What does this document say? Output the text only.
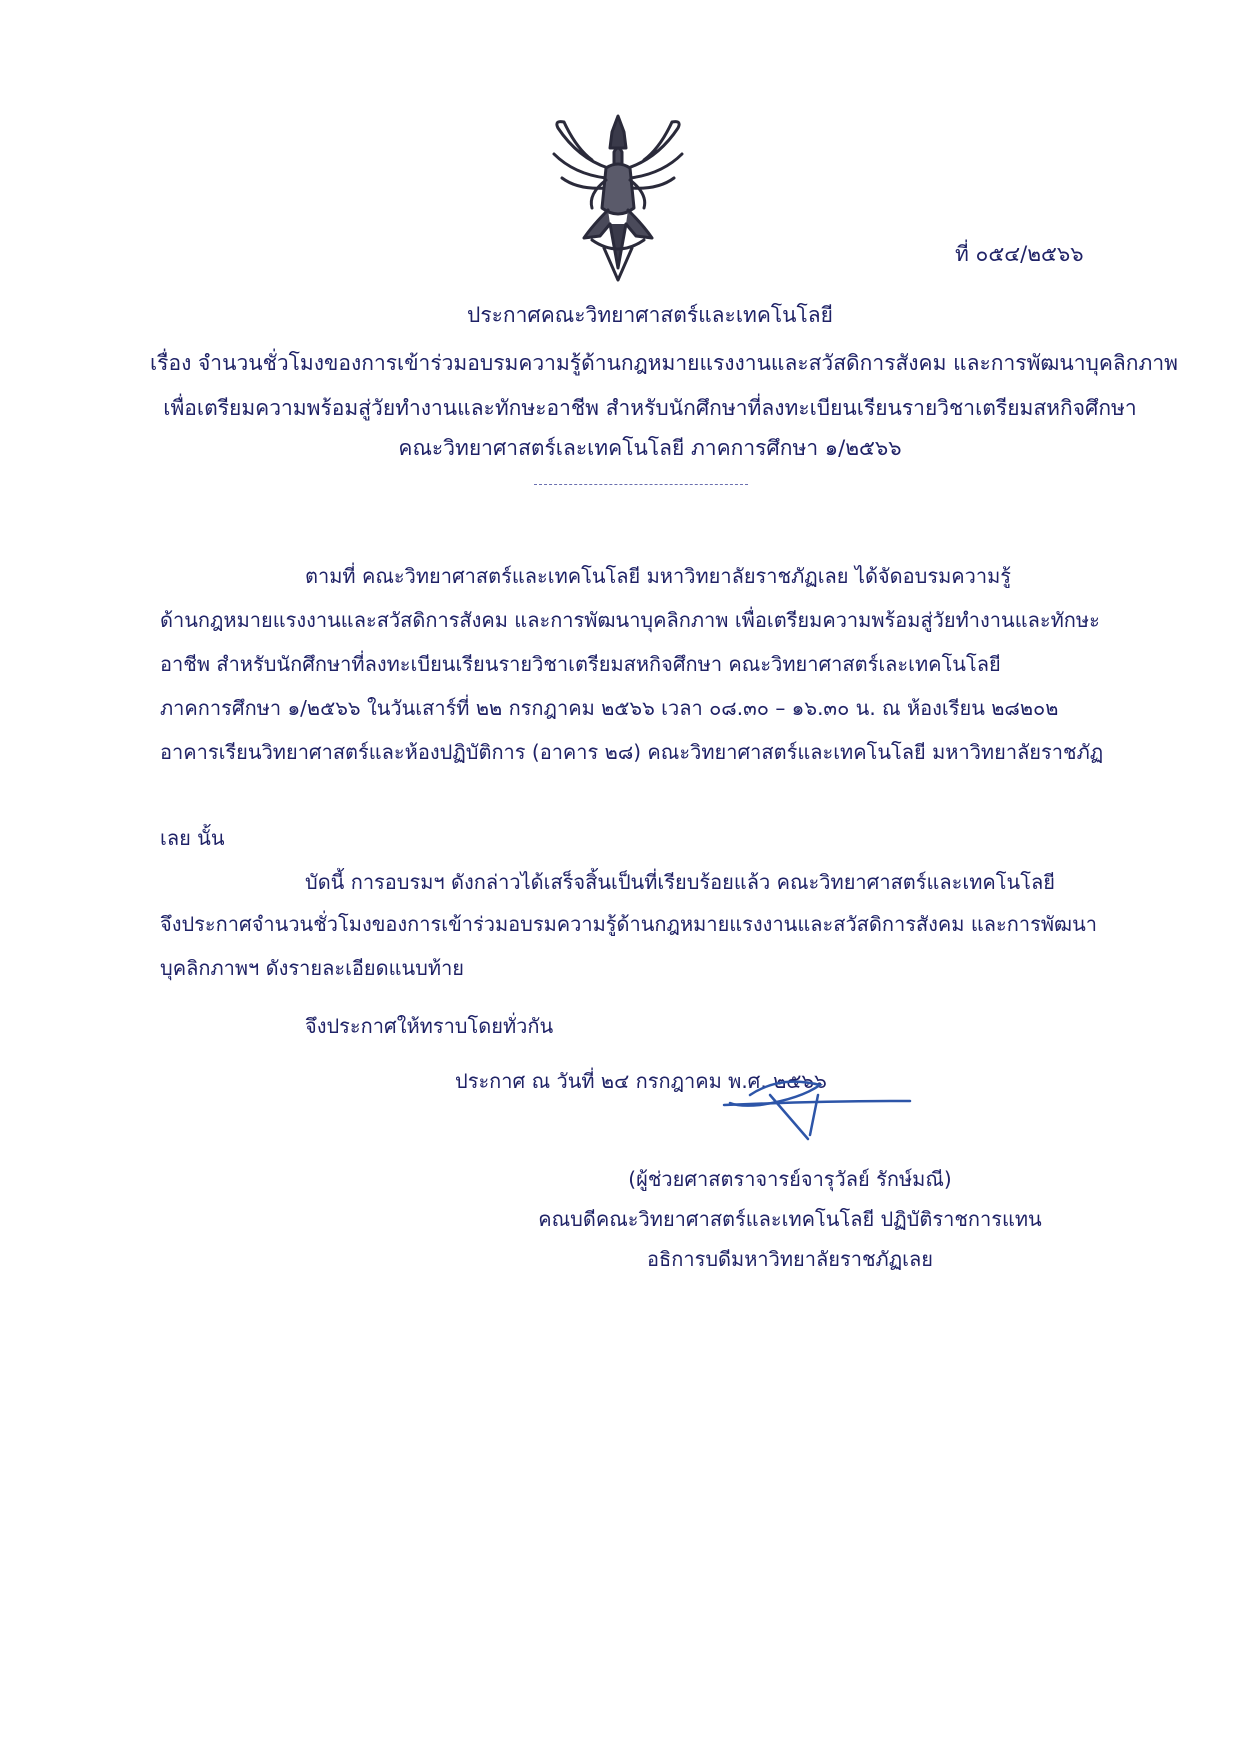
ที่ ๐๕๔/๒๕๖๖
ประกาศคณะวิทยาศาสตร์และเทคโนโลยี
เรื่อง จำนวนชั่วโมงของการเข้าร่วมอบรมความรู้ด้านกฎหมายแรงงานและสวัสดิการสังคม และการพัฒนาบุคลิกภาพ
เพื่อเตรียมความพร้อมสู่วัยทำงานและทักษะอาชีพ สำหรับนักศึกษาที่ลงทะเบียนเรียนรายวิชาเตรียมสหกิจศึกษา
คณะวิทยาศาสตร์เละเทคโนโลยี ภาคการศึกษา ๑/๒๕๖๖
ตามที่ คณะวิทยาศาสตร์และเทคโนโลยี มหาวิทยาลัยราชภัฏเลย ได้จัดอบรมความรู้
ด้านกฎหมายแรงงานและสวัสดิการสังคม และการพัฒนาบุคลิกภาพ เพื่อเตรียมความพร้อมสู่วัยทำงานและทักษะ
อาชีพ สำหรับนักศึกษาที่ลงทะเบียนเรียนรายวิชาเตรียมสหกิจศึกษา คณะวิทยาศาสตร์เละเทคโนโลยี
ภาคการศึกษา ๑/๒๕๖๖ ในวันเสาร์ที่ ๒๒ กรกฎาคม ๒๕๖๖ เวลา ๐๘.๓๐ – ๑๖.๓๐ น. ณ ห้องเรียน ๒๘๒๐๒
อาคารเรียนวิทยาศาสตร์และห้องปฏิบัติการ (อาคาร ๒๘) คณะวิทยาศาสตร์และเทคโนโลยี มหาวิทยาลัยราชภัฏ
เลย นั้น
บัดนี้ การอบรมฯ ดังกล่าวได้เสร็จสิ้นเป็นที่เรียบร้อยแล้ว คณะวิทยาศาสตร์และเทคโนโลยี
จึงประกาศจำนวนชั่วโมงของการเข้าร่วมอบรมความรู้ด้านกฎหมายแรงงานและสวัสดิการสังคม และการพัฒนา
บุคลิกภาพฯ ดังรายละเอียดแนบท้าย
จึงประกาศให้ทราบโดยทั่วกัน
ประกาศ ณ วันที่ ๒๔ กรกฎาคม พ.ศ. ๒๕๖๖
(ผู้ช่วยศาสตราจารย์จารุวัลย์ รักษ์มณี)
คณบดีคณะวิทยาศาสตร์และเทคโนโลยี ปฏิบัติราชการแทน
อธิการบดีมหาวิทยาลัยราชภัฏเลย
